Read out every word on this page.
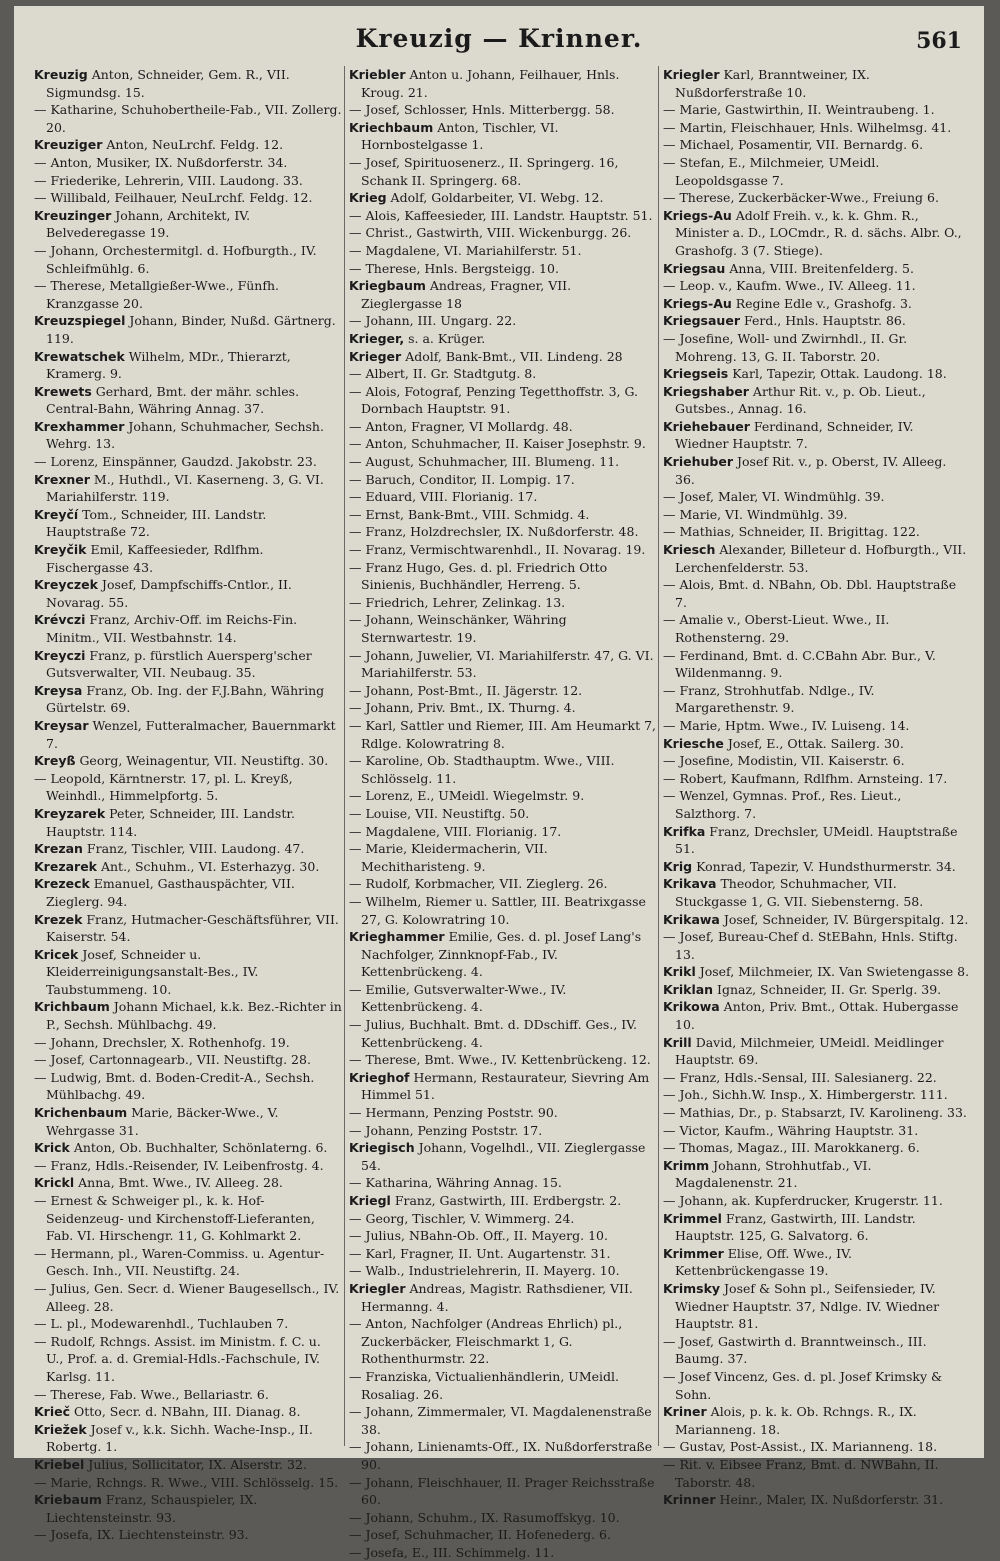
Kreuzig — Krinner.	561
Kreuzig Anton, Schneider, Gem. R., VII. Sigmundsg. 15.
— Katharine, Schuhobertheile-Fab., VII. Zollerg. 20.
Kreuziger Anton, NeuLrchf. Feldg. 12.
— Anton, Musiker, IX. Nußdorferstr. 34.
— Friederike, Lehrerin, VIII. Laudong. 33.
— Willibald, Feilhauer, NeuLrchf. Feldg. 12.
Kreuzinger Johann, Architekt, IV. Belvederegasse 19.
— Johann, Orchestermitgl. d. Hofburgth., IV. Schleifmühlg. 6.
— Therese, Metallgießer-Wwe., Fünfh. Kranzgasse 20.
Kreuzspiegel Johann, Binder, Nußd. Gärtnerg. 119.
Krewatschek Wilhelm, MDr., Thierarzt, Kramerg. 9.
Krewets Gerhard, Bmt. der mähr. schles. Central-Bahn, Währing Annag. 37.
Krexhammer Johann, Schuhmacher, Sechsh. Wehrg. 13.
— Lorenz, Einspänner, Gaudzd. Jakobstr. 23.
Krexner M., Huthdl., VI. Kaserneng. 3, G. VI. Mariahilferstr. 119.
Kreyčí Tom., Schneider, III. Landstr. Hauptstraße 72.
Kreyčik Emil, Kaffeesieder, Rdlfhm. Fischergasse 43.
Kreyczek Josef, Dampfschiffs-Cntlor., II. Novarag. 55.
Krévczi Franz, Archiv-Off. im Reichs-Fin. Minitm., VII. Westbahnstr. 14.
Kreyczi Franz, p. fürstlich Auersperg'scher Gutsverwalter, VII. Neubaug. 35.
Kreysa Franz, Ob. Ing. der F.J.Bahn, Währing Gürtelstr. 69.
Kreysar Wenzel, Futteralmacher, Bauernmarkt 7.
Kreyß Georg, Weinagentur, VII. Neustiftg. 30.
— Leopold, Kärntnerstr. 17, pl. L. Kreyß, Weinhdl., Himmelpfortg. 5.
Kreyzarek Peter, Schneider, III. Landstr. Hauptstr. 114.
Krezan Franz, Tischler, VIII. Laudong. 47.
Krezarek Ant., Schuhm., VI. Esterhazyg. 30.
Krezeck Emanuel, Gasthauspächter, VII. Zieglerg. 94.
Krezek Franz, Hutmacher-Geschäftsführer, VII. Kaiserstr. 54.
Kricek Josef, Schneider u. Kleiderreinigungsanstalt-Bes., IV. Taubstummeng. 10.
Krichbaum Johann Michael, k.k. Bez.-Richter in P., Sechsh. Mühlbachg. 49.
— Johann, Drechsler, X. Rothenhofg. 19.
— Josef, Cartonnagearb., VII. Neustiftg. 28.
— Ludwig, Bmt. d. Boden-Credit-A., Sechsh. Mühlbachg. 49.
Krichenbaum Marie, Bäcker-Wwe., V. Wehrgasse 31.
Krick Anton, Ob. Buchhalter, Schönlaterng. 6.
— Franz, Hdls.-Reisender, IV. Leibenfrostg. 4.
Krickl Anna, Bmt. Wwe., IV. Alleeg. 28.
— Ernest & Schweiger pl., k. k. Hof-Seidenzeug- und Kirchenstoff-Lieferanten, Fab. VI. Hirschengr. 11, G. Kohlmarkt 2.
— Hermann, pl., Waren-Commiss. u. Agentur-Gesch. Inh., VII. Neustiftg. 24.
— Julius, Gen. Secr. d. Wiener Baugesellsch., IV. Alleeg. 28.
— L. pl., Modewarenhdl., Tuchlauben 7.
— Rudolf, Rchngs. Assist. im Ministm. f. C. u. U., Prof. a. d. Gremial-Hdls.-Fachschule, IV. Karlsg. 11.
— Therese, Fab. Wwe., Bellariastr. 6.
Krieč Otto, Secr. d. NBahn, III. Dianag. 8.
Kriežek Josef v., k.k. Sichh. Wache-Insp., II. Robertg. 1.
Kriebel Julius, Sollicitator, IX. Alserstr. 32.
— Marie, Rchngs. R. Wwe., VIII. Schlösselg. 15.
Kriebaum Franz, Schauspieler, IX. Liechtensteinstr. 93.
— Josefa, IX. Liechtensteinstr. 93.
Kriebler Anton u. Johann, Feilhauer, Hnls. Kroug. 21.
— Josef, Schlosser, Hnls. Mitterbergg. 58.
Kriechbaum Anton, Tischler, VI. Hornbostelgasse 1.
— Josef, Spirituosenerz., II. Springerg. 16, Schank II. Springerg. 68.
Krieg Adolf, Goldarbeiter, VI. Webg. 12.
— Alois, Kaffeesieder, III. Landstr. Hauptstr. 51.
— Christ., Gastwirth, VIII. Wickenburgg. 26.
— Magdalene, VI. Mariahilferstr. 51.
— Therese, Hnls. Bergsteigg. 10.
Kriegbaum Andreas, Fragner, VII. Zieglergasse 18
— Johann, III. Ungarg. 22.
Krieger, s. a. Krüger.
Krieger Adolf, Bank-Bmt., VII. Lindeng. 28
— Albert, II. Gr. Stadtgutg. 8.
— Alois, Fotograf, Penzing Tegetthoffstr. 3, G. Dornbach Hauptstr. 91.
— Anton, Fragner, VI Mollardg. 48.
— Anton, Schuhmacher, II. Kaiser Josephstr. 9.
— August, Schuhmacher, III. Blumeng. 11.
— Baruch, Conditor, II. Lompig. 17.
— Eduard, VIII. Florianig. 17.
— Ernst, Bank-Bmt., VIII. Schmidg. 4.
— Franz, Holzdrechsler, IX. Nußdorferstr. 48.
— Franz, Vermischtwarenhdl., II. Novarag. 19.
— Franz Hugo, Ges. d. pl. Friedrich Otto Sinienis, Buchhändler, Herreng. 5.
— Friedrich, Lehrer, Zelinkag. 13.
— Johann, Weinschänker, Währing Sternwartestr. 19.
— Johann, Juwelier, VI. Mariahilferstr. 47, G. VI. Mariahilferstr. 53.
— Johann, Post-Bmt., II. Jägerstr. 12.
— Johann, Priv. Bmt., IX. Thurng. 4.
— Karl, Sattler und Riemer, III. Am Heumarkt 7, Rdlge. Kolowratring 8.
— Karoline, Ob. Stadthauptm. Wwe., VIII. Schlösselg. 11.
— Lorenz, E., UMeidl. Wiegelmstr. 9.
— Louise, VII. Neustiftg. 50.
— Magdalene, VIII. Florianig. 17.
— Marie, Kleidermacherin, VII. Mechitharisteng. 9.
— Rudolf, Korbmacher, VII. Zieglerg. 26.
— Wilhelm, Riemer u. Sattler, III. Beatrixgasse 27, G. Kolowratring 10.
Krieghammer Emilie, Ges. d. pl. Josef Lang's Nachfolger, Zinnknopf-Fab., IV. Kettenbrückeng. 4.
— Emilie, Gutsverwalter-Wwe., IV. Kettenbrückeng. 4.
— Julius, Buchhalt. Bmt. d. DDschiff. Ges., IV. Kettenbrückeng. 4.
— Therese, Bmt. Wwe., IV. Kettenbrückeng. 12.
Krieghof Hermann, Restaurateur, Sievring Am Himmel 51.
— Hermann, Penzing Poststr. 90.
— Johann, Penzing Poststr. 17.
Kriegisch Johann, Vogelhdl., VII. Zieglergasse 54.
— Katharina, Währing Annag. 15.
Kriegl Franz, Gastwirth, III. Erdbergstr. 2.
— Georg, Tischler, V. Wimmerg. 24.
— Julius, NBahn-Ob. Off., II. Mayerg. 10.
— Karl, Fragner, II. Unt. Augartenstr. 31.
— Walb., Industrielehrerin, II. Mayerg. 10.
Kriegler Andreas, Magistr. Rathsdiener, VII. Hermanng. 4.
— Anton, Nachfolger (Andreas Ehrlich) pl., Zuckerbäcker, Fleischmarkt 1, G. Rothenthurmstr. 22.
— Franziska, Victualienhändlerin, UMeidl. Rosaliag. 26.
— Johann, Zimmermaler, VI. Magdalenenstraße 38.
— Johann, Linienamts-Off., IX. Nußdorferstraße 90.
— Johann, Fleischhauer, II. Prager Reichsstraße 60.
— Johann, Schuhm., IX. Rasumoffskyg. 10.
— Josef, Schuhmacher, II. Hofenederg. 6.
— Josefa, E., III. Schimmelg. 11.
Kriegler Karl, Branntweiner, IX. Nußdorferstraße 10.
— Marie, Gastwirthin, II. Weintraubeng. 1.
— Martin, Fleischhauer, Hnls. Wilhelmsg. 41.
— Michael, Posamentir, VII. Bernardg. 6.
— Stefan, E., Milchmeier, UMeidl. Leopoldsgasse 7.
— Therese, Zuckerbäcker-Wwe., Freiung 6.
Kriegs-Au Adolf Freih. v., k. k. Ghm. R., Minister a. D., LOCmdr., R. d. sächs. Albr. O., Grashofg. 3 (7. Stiege).
Kriegsau Anna, VIII. Breitenfelderg. 5.
— Leop. v., Kaufm. Wwe., IV. Alleeg. 11.
Kriegs-Au Regine Edle v., Grashofg. 3.
Kriegsauer Ferd., Hnls. Hauptstr. 86.
— Josefine, Woll- und Zwirnhdl., II. Gr. Mohreng. 13, G. II. Taborstr. 20.
Kriegseis Karl, Tapezir, Ottak. Laudong. 18.
Kriegshaber Arthur Rit. v., p. Ob. Lieut., Gutsbes., Annag. 16.
Kriehebauer Ferdinand, Schneider, IV. Wiedner Hauptstr. 7.
Kriehuber Josef Rit. v., p. Oberst, IV. Alleeg. 36.
— Josef, Maler, VI. Windmühlg. 39.
— Marie, VI. Windmühlg. 39.
— Mathias, Schneider, II. Brigittag. 122.
Kriesch Alexander, Billeteur d. Hofburgth., VII. Lerchenfelderstr. 53.
— Alois, Bmt. d. NBahn, Ob. Dbl. Hauptstraße 7.
— Amalie v., Oberst-Lieut. Wwe., II. Rothensterng. 29.
— Ferdinand, Bmt. d. C.CBahn Abr. Bur., V. Wildenmanng. 9.
— Franz, Strohhutfab. Ndlge., IV. Margarethenstr. 9.
— Marie, Hptm. Wwe., IV. Luiseng. 14.
Kriesche Josef, E., Ottak. Sailerg. 30.
— Josefine, Modistin, VII. Kaiserstr. 6.
— Robert, Kaufmann, Rdlfhm. Arnsteing. 17.
— Wenzel, Gymnas. Prof., Res. Lieut., Salzthorg. 7.
Krifka Franz, Drechsler, UMeidl. Hauptstraße 51.
Krig Konrad, Tapezir, V. Hundsthurmerstr. 34.
Krikava Theodor, Schuhmacher, VII. Stuckgasse 1, G. VII. Siebensterng. 58.
Krikawa Josef, Schneider, IV. Bürgerspitalg. 12.
— Josef, Bureau-Chef d. StEBahn, Hnls. Stiftg. 13.
Krikl Josef, Milchmeier, IX. Van Swietengasse 8.
Kriklan Ignaz, Schneider, II. Gr. Sperlg. 39.
Krikowa Anton, Priv. Bmt., Ottak. Hubergasse 10.
Krill David, Milchmeier, UMeidl. Meidlinger Hauptstr. 69.
— Franz, Hdls.-Sensal, III. Salesianerg. 22.
— Joh., Sichh.W. Insp., X. Himbergerstr. 111.
— Mathias, Dr., p. Stabsarzt, IV. Karolineng. 33.
— Victor, Kaufm., Währing Hauptstr. 31.
— Thomas, Magaz., III. Marokkanerg. 6.
Krimm Johann, Strohhutfab., VI. Magdalenenstr. 21.
— Johann, ak. Kupferdrucker, Krugerstr. 11.
Krimmel Franz, Gastwirth, III. Landstr. Hauptstr. 125, G. Salvatorg. 6.
Krimmer Elise, Off. Wwe., IV. Kettenbrückengasse 19.
Krimsky Josef & Sohn pl., Seifensieder, IV. Wiedner Hauptstr. 37, Ndlge. IV. Wiedner Hauptstr. 81.
— Josef, Gastwirth d. Branntweinsch., III. Baumg. 37.
— Josef Vincenz, Ges. d. pl. Josef Krimsky & Sohn.
Kriner Alois, p. k. k. Ob. Rchngs. R., IX. Marianneng. 18.
— Gustav, Post-Assist., IX. Marianneng. 18.
— Rit. v. Eibsee Franz, Bmt. d. NWBahn, II. Taborstr. 48.
Krinner Heinr., Maler, IX. Nußdorferstr. 31.
